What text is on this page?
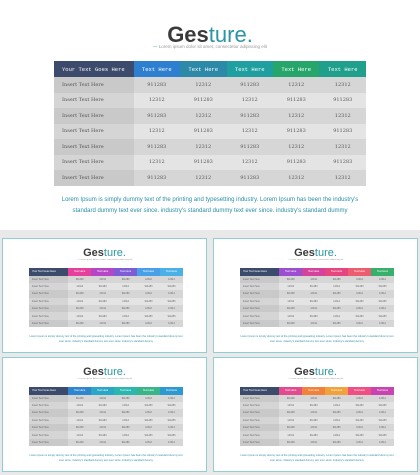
Gesture.
— Lorem ipsum dolor sit amet, consectetur adipiscing elit
Your Text Goes Here	Text Here	Text Here	Text Here	Text Here	Text Here
Insert Text Here	911283	12312	911283	12312	12312
Insert Text Here	12312	911283	12312	911283	911283
Insert Text Here	911283	12312	911283	12312	12312
Insert Text Here	12312	911283	12312	911283	911283
Insert Text Here	911283	12312	911283	12312	12312
Insert Text Here	12312	911283	12312	911283	911283
Insert Text Here	911283	12312	911283	12312	12312
Lorem Ipsum is simply dummy text of the printing and typesetting industry. Lorem Ipsum has been the industry's standard dummy text ever since. industry's standard dummy text ever since. industry's standard dummy
Gesture.
— Lorem ipsum dolor sit amet, consectetur adipiscing elit
Your Text Goes Here	Text Here	Text Here	Text Here	Text Here	Text Here
Insert Text Here	911283	12312	911283	12312	12312
Insert Text Here	12312	911283	12312	911283	911283
Insert Text Here	911283	12312	911283	12312	12312
Insert Text Here	12312	911283	12312	911283	911283
Insert Text Here	911283	12312	911283	12312	12312
Insert Text Here	12312	911283	12312	911283	911283
Insert Text Here	911283	12312	911283	12312	12312
Lorem Ipsum is simply dummy text of the printing and typesetting industry. Lorem Ipsum has been the industry's standard dummy text ever since. industry's standard dummy text ever since. industry's standard dummy
Gesture.
— Lorem ipsum dolor sit amet, consectetur adipiscing elit
Your Text Goes Here	Text Here	Text Here	Text Here	Text Here	Text Here
Insert Text Here	911283	12312	911283	12312	12312
Insert Text Here	12312	911283	12312	911283	911283
Insert Text Here	911283	12312	911283	12312	12312
Insert Text Here	12312	911283	12312	911283	911283
Insert Text Here	911283	12312	911283	12312	12312
Insert Text Here	12312	911283	12312	911283	911283
Insert Text Here	911283	12312	911283	12312	12312
Lorem Ipsum is simply dummy text of the printing and typesetting industry. Lorem Ipsum has been the industry's standard dummy text ever since. industry's standard dummy text ever since. industry's standard dummy
Gesture.
— Lorem ipsum dolor sit amet, consectetur adipiscing elit
Your Text Goes Here	Text Here	Text Here	Text Here	Text Here	Text Here
Insert Text Here	911283	12312	911283	12312	12312
Insert Text Here	12312	911283	12312	911283	911283
Insert Text Here	911283	12312	911283	12312	12312
Insert Text Here	12312	911283	12312	911283	911283
Insert Text Here	911283	12312	911283	12312	12312
Insert Text Here	12312	911283	12312	911283	911283
Insert Text Here	911283	12312	911283	12312	12312
Lorem Ipsum is simply dummy text of the printing and typesetting industry. Lorem Ipsum has been the industry's standard dummy text ever since. industry's standard dummy text ever since. industry's standard dummy
Gesture.
— Lorem ipsum dolor sit amet, consectetur adipiscing elit
Your Text Goes Here	Text Here	Text Here	Text Here	Text Here	Text Here
Insert Text Here	911283	12312	911283	12312	12312
Insert Text Here	12312	911283	12312	911283	911283
Insert Text Here	911283	12312	911283	12312	12312
Insert Text Here	12312	911283	12312	911283	911283
Insert Text Here	911283	12312	911283	12312	12312
Insert Text Here	12312	911283	12312	911283	911283
Insert Text Here	911283	12312	911283	12312	12312
Lorem Ipsum is simply dummy text of the printing and typesetting industry. Lorem Ipsum has been the industry's standard dummy text ever since. industry's standard dummy text ever since. industry's standard dummy
